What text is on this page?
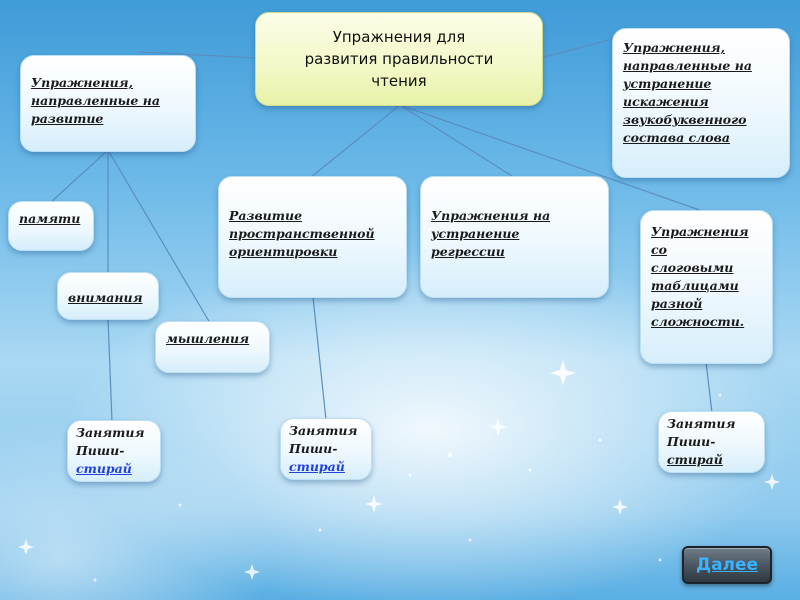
Упражнения для
развития правильности
чтения
Упражнения,
направленные на
развитие
Упражнения,
направленные на
устранение
искажения
звукобуквенного
состава слова
памяти
внимания
мышления
Развитие
пространственной
ориентировки
Упражнения на
устранение
регрессии
Упражнения
со
слоговыми
таблицами
разной
сложности.
Занятия
Пиши-
стирай
Занятия
Пиши-
стирай
Занятия
Пиши-
стирай
Далее
